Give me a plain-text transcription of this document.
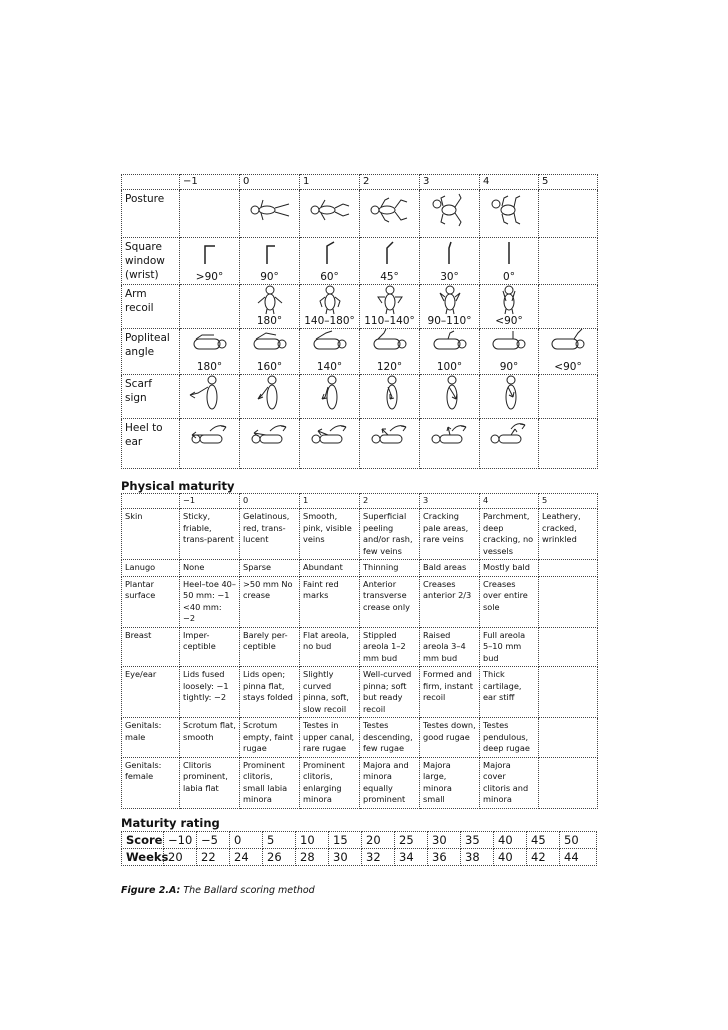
	−1	0	1	2	3	4	5
Posture		

Square window (wrist)	>90°	90°	60°	45°	30°	0°	

Arm recoil		180°	140–180°	110–140°	90–110°	<90°	

Popliteal angle	180°	160°	140°	120°	100°	90°	<90°

Scarf sign	

Heel to ear	

Physical maturity
	−1	0	1	2	3	4	5
Skin	Sticky, friable, trans-parent	Gelatinous, red, trans-lucent	Smooth, pink, visible veins	Superficial peeling and/or rash, few veins	Cracking pale areas, rare veins	Parchment, deep cracking, no vessels	Leathery, cracked, wrinkled
Lanugo	None	Sparse	Abundant	Thinning	Bald areas	Mostly bald	
Plantar surface	Heel–toe 40–50 mm: −1 <40 mm: −2	>50 mm No crease	Faint red marks	Anterior transverse crease only	Creases anterior 2/3	Creases over entire sole	
Breast	Imper-ceptible	Barely per-ceptible	Flat areola, no bud	Stippled areola 1–2 mm bud	Raised areola 3–4 mm bud	Full areola 5–10 mm bud	
Eye/ear	Lids fused loosely: −1 tightly: −2	Lids open; pinna flat, stays folded	Slightly curved pinna, soft, slow recoil	Well-curved pinna; soft but ready recoil	Formed and firm, instant recoil	Thick cartilage, ear stiff	
Genitals: male	Scrotum flat, smooth	Scrotum empty, faint rugae	Testes in upper canal, rare rugae	Testes descending, few rugae	Testes down, good rugae	Testes pendulous, deep rugae	
Genitals: female	Clitoris prominent, labia flat	Prominent clitoris, small labia minora	Prominent clitoris, enlarging minora	Majora and minora equally prominent	Majora large, minora small	Majora cover clitoris and minora	
Maturity rating
Score	−10	−5	0	5	10	15	20	25	30	35	40	45	50
Weeks	20	22	24	26	28	30	32	34	36	38	40	42	44
Figure 2.A: The Ballard scoring method
